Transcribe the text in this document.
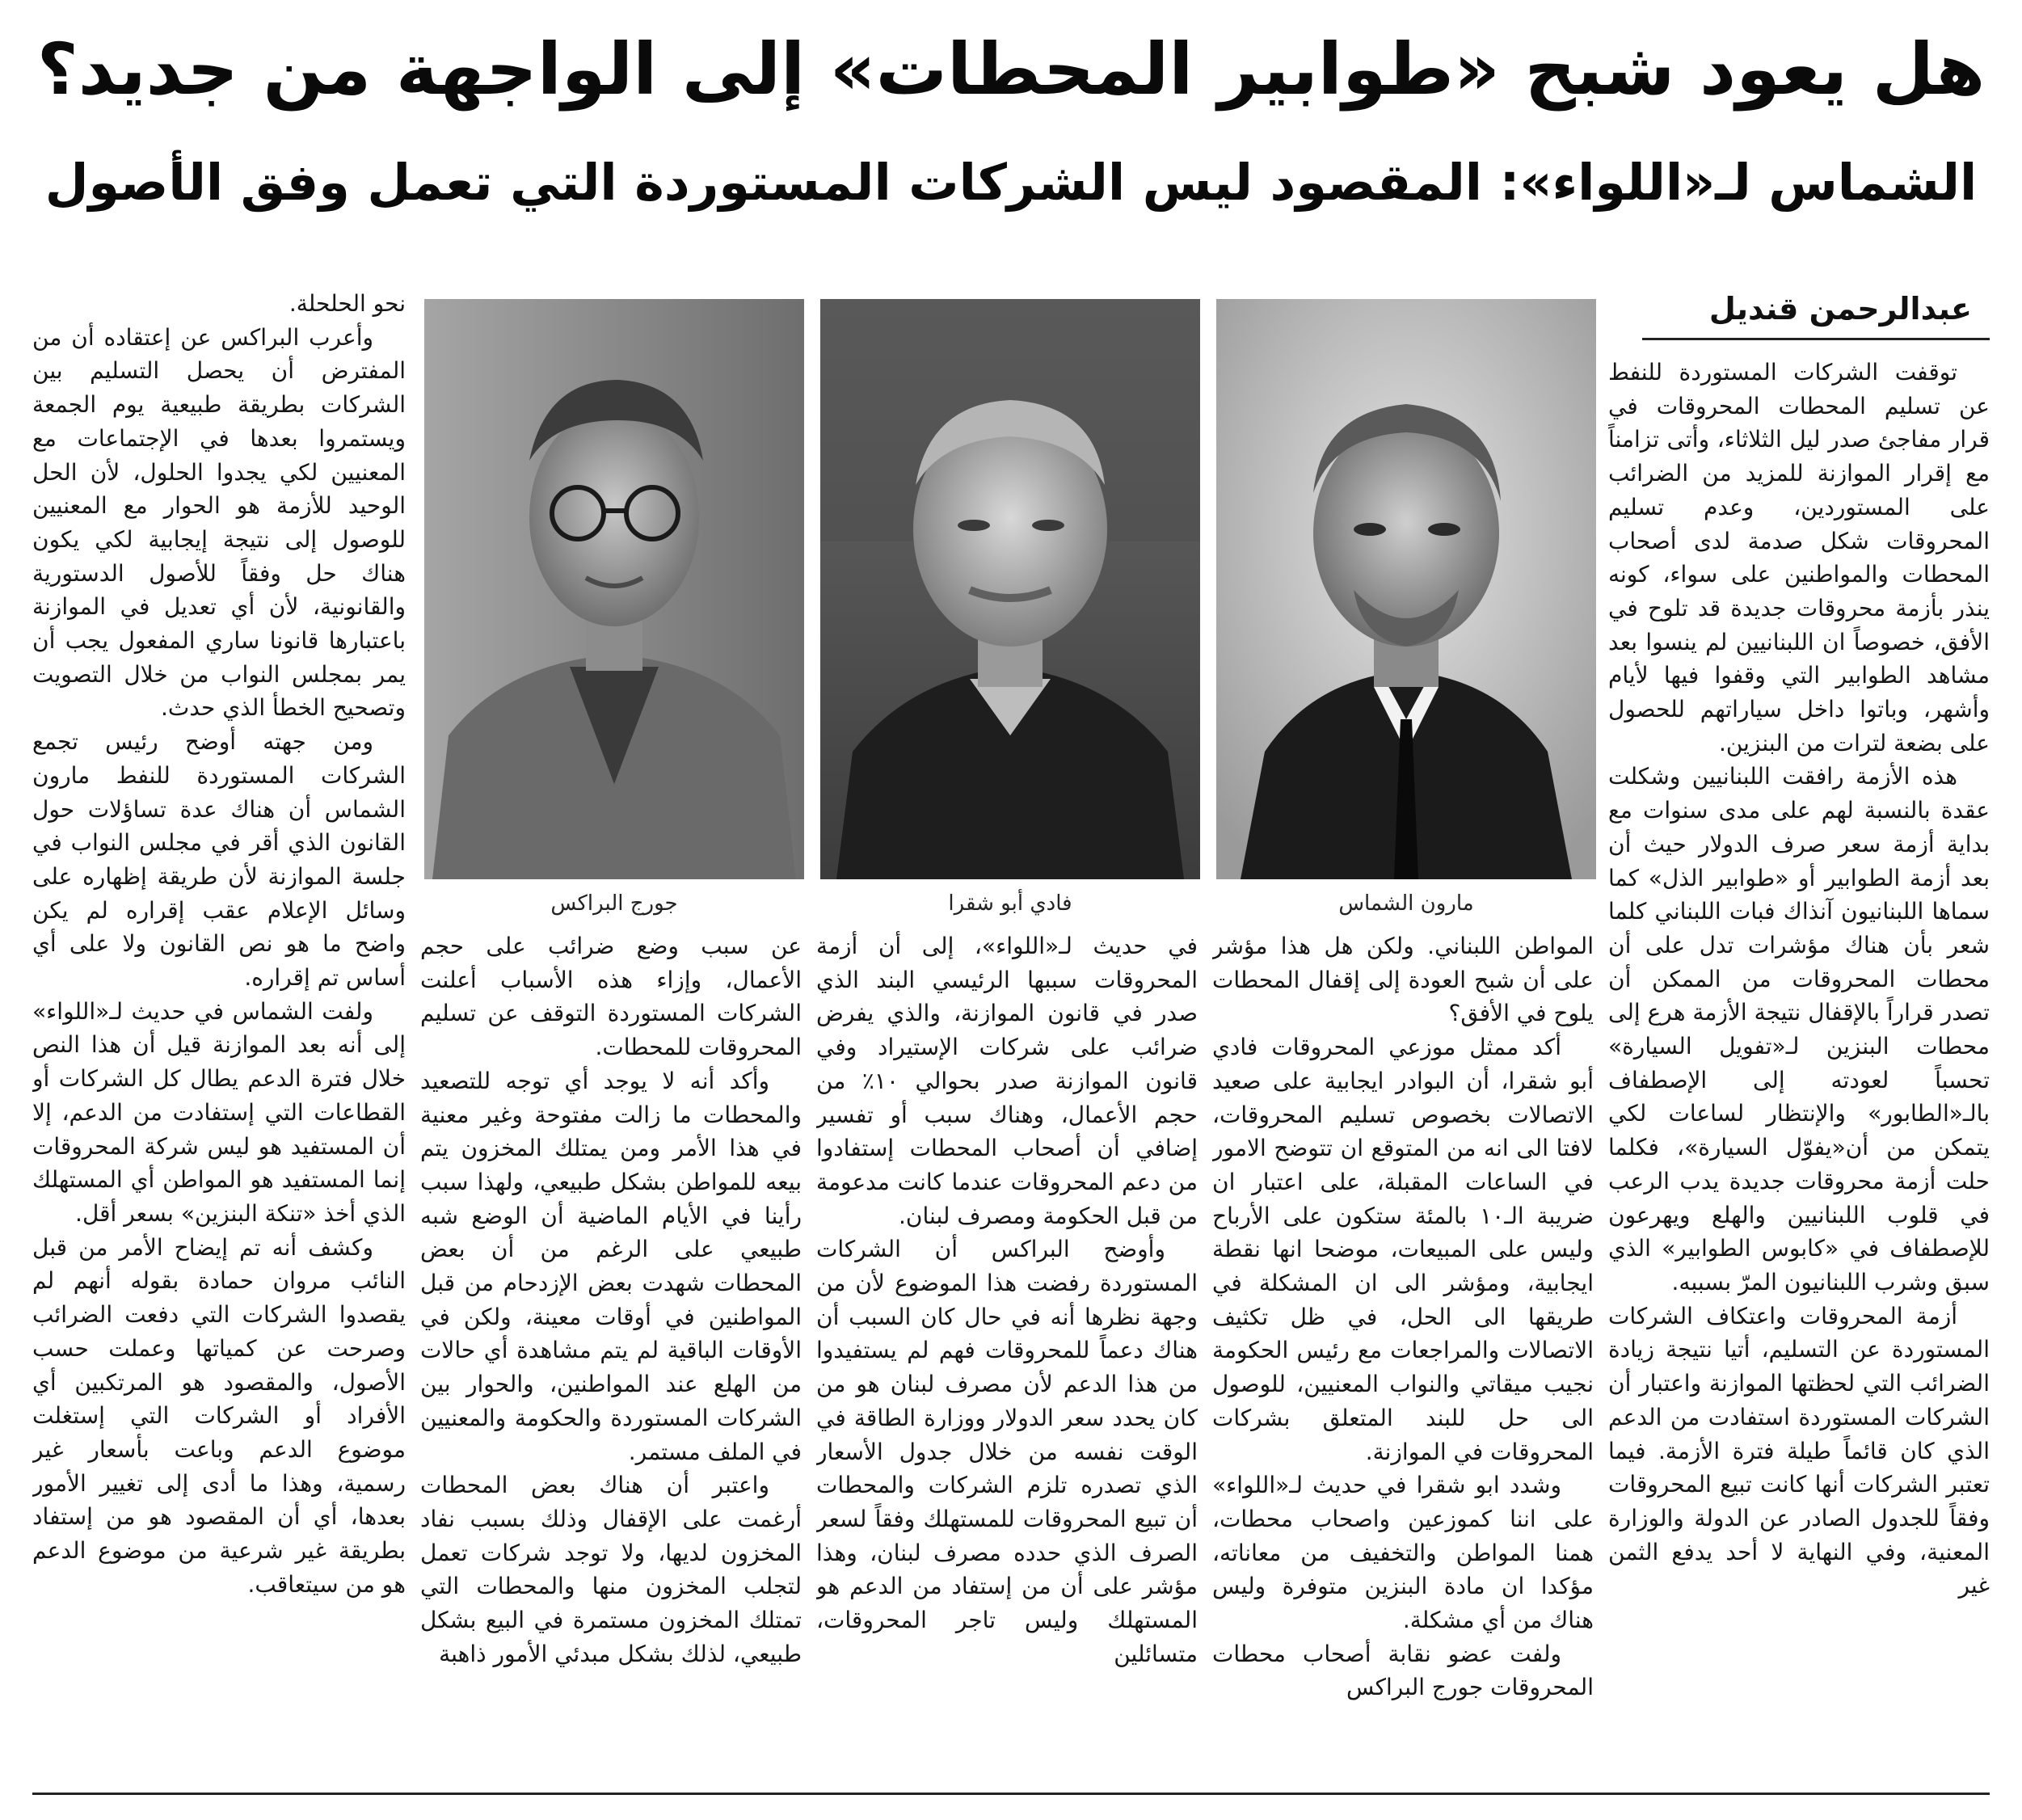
هل يعود شبح «طوابير المحطات» إلى الواجهة من جديد؟
الشماس لـ«اللواء»: المقصود ليس الشركات المستوردة التي تعمل وفق الأصول
عبدالرحمن قنديل
مارون الشماس
فادي أبو شقرا
جورج البراكس

توقفت الشركات المستوردة للنفط عن تسليم المحطات المحروقات في قرار مفاجئ صدر ليل الثلاثاء، وأتى تزامناً مع إقرار الموازنة للمزيد من الضرائب على المستوردين، وعدم تسليم المحروقات شكل صدمة لدى أصحاب المحطات والمواطنين على سواء، كونه ينذر بأزمة محروقات جديدة قد تلوح في الأفق، خصوصاً ان اللبنانيين لم ينسوا بعد مشاهد الطوابير التي وقفوا فيها لأيام وأشهر، وباتوا داخل سياراتهم للحصول على بضعة لترات من البنزين.

هذه الأزمة رافقت اللبنانيين وشكلت عقدة بالنسبة لهم على مدى سنوات مع بداية أزمة سعر صرف الدولار حيث أن بعد أزمة الطوابير أو «طوابير الذل» كما سماها اللبنانيون آنذاك فبات اللبناني كلما شعر بأن هناك مؤشرات تدل على أن محطات المحروقات من الممكن أن تصدر قراراً بالإقفال نتيجة الأزمة هرع إلى محطات البنزين لـ«تفويل السيارة» تحسباً لعودته إلى الإصطفاف بالـ«الطابور» والإنتظار لساعات لكي يتمكن من أن«يفوّل السيارة»، فكلما حلت أزمة محروقات جديدة يدب الرعب في قلوب اللبنانيين والهلع ويهرعون للإصطفاف في «كابوس الطوابير» الذي سبق وشرب اللبنانيون المرّ بسببه.

أزمة المحروقات واعتكاف الشركات المستوردة عن التسليم، أتيا نتيجة زيادة الضرائب التي لحظتها الموازنة واعتبار أن الشركات المستوردة استفادت من الدعم الذي كان قائماً طيلة فترة الأزمة. فيما تعتبر الشركات أنها كانت تبيع المحروقات وفقاً للجدول الصادر عن الدولة والوزارة المعنية، وفي النهاية لا أحد يدفع الثمن غير

المواطن اللبناني. ولكن هل هذا مؤشر على أن شبح العودة إلى إقفال المحطات يلوح في الأفق؟

أكد ممثل موزعي المحروقات فادي أبو شقرا، أن البوادر ايجابية على صعيد الاتصالات بخصوص تسليم المحروقات، لافتا الى انه من المتوقع ان تتوضح الامور في الساعات المقبلة، على اعتبار ان ضريبة الـ١٠ بالمئة ستكون على الأرباح وليس على المبيعات، موضحا انها نقطة ايجابية، ومؤشر الى ان المشكلة في طريقها الى الحل، في ظل تكثيف الاتصالات والمراجعات مع رئيس الحكومة نجيب ميقاتي والنواب المعنيين، للوصول الى حل للبند المتعلق بشركات المحروقات في الموازنة.

وشدد ابو شقرا في حديث لـ«اللواء» على اننا كموزعين واصحاب محطات، همنا المواطن والتخفيف من معاناته، مؤكدا ان مادة البنزين متوفرة وليس هناك من أي مشكلة.

ولفت عضو نقابة أصحاب محطات المحروقات جورج البراكس

في حديث لـ«اللواء»، إلى أن أزمة المحروقات سببها الرئيسي البند الذي صدر في قانون الموازنة، والذي يفرض ضرائب على شركات الإستيراد وفي قانون الموازنة صدر بحوالي ١٠٪ من حجم الأعمال، وهناك سبب أو تفسير إضافي أن أصحاب المحطات إستفادوا من دعم المحروقات عندما كانت مدعومة من قبل الحكومة ومصرف لبنان.

وأوضح البراكس أن الشركات المستوردة رفضت هذا الموضوع لأن من وجهة نظرها أنه في حال كان السبب أن هناك دعماً للمحروقات فهم لم يستفيدوا من هذا الدعم لأن مصرف لبنان هو من كان يحدد سعر الدولار ووزارة الطاقة في الوقت نفسه من خلال جدول الأسعار الذي تصدره تلزم الشركات والمحطات أن تبيع المحروقات للمستهلك وفقاً لسعر الصرف الذي حدده مصرف لبنان، وهذا مؤشر على أن من إستفاد من الدعم هو المستهلك وليس تاجر المحروقات، متسائلين

عن سبب وضع ضرائب على حجم الأعمال، وإزاء هذه الأسباب أعلنت الشركات المستوردة التوقف عن تسليم المحروقات للمحطات.

وأكد أنه لا يوجد أي توجه للتصعيد والمحطات ما زالت مفتوحة وغير معنية في هذا الأمر ومن يمتلك المخزون يتم بيعه للمواطن بشكل طبيعي، ولهذا سبب رأينا في الأيام الماضية أن الوضع شبه طبيعي على الرغم من أن بعض المحطات شهدت بعض الإزدحام من قبل المواطنين في أوقات معينة، ولكن في الأوقات الباقية لم يتم مشاهدة أي حالات من الهلع عند المواطنين، والحوار بين الشركات المستوردة والحكومة والمعنيين في الملف مستمر.

واعتبر أن هناك بعض المحطات أرغمت على الإقفال وذلك بسبب نفاد المخزون لديها، ولا توجد شركات تعمل لتجلب المخزون منها والمحطات التي تمتلك المخزون مستمرة في البيع بشكل طبيعي، لذلك بشكل مبدئي الأمور ذاهبة

نحو الحلحلة.

وأعرب البراكس عن إعتقاده أن من المفترض أن يحصل التسليم بين الشركات بطريقة طبيعية يوم الجمعة ويستمروا بعدها في الإجتماعات مع المعنيين لكي يجدوا الحلول، لأن الحل الوحيد للأزمة هو الحوار مع المعنيين للوصول إلى نتيجة إيجابية لكي يكون هناك حل وفقاً للأصول الدستورية والقانونية، لأن أي تعديل في الموازنة باعتبارها قانونا ساري المفعول يجب أن يمر بمجلس النواب من خلال التصويت وتصحيح الخطأ الذي حدث.

ومن جهته أوضح رئيس تجمع الشركات المستوردة للنفط مارون الشماس أن هناك عدة تساؤلات حول القانون الذي أقر في مجلس النواب في جلسة الموازنة لأن طريقة إظهاره على وسائل الإعلام عقب إقراره لم يكن واضح ما هو نص القانون ولا على أي أساس تم إقراره.

ولفت الشماس في حديث لـ«اللواء» إلى أنه بعد الموازنة قيل أن هذا النص خلال فترة الدعم يطال كل الشركات أو القطاعات التي إستفادت من الدعم، إلا أن المستفيد هو ليس شركة المحروقات إنما المستفيد هو المواطن أي المستهلك الذي أخذ «تنكة البنزين» بسعر أقل.

وكشف أنه تم إيضاح الأمر من قبل النائب مروان حمادة بقوله أنهم لم يقصدوا الشركات التي دفعت الضرائب وصرحت عن كمياتها وعملت حسب الأصول، والمقصود هو المرتكبين أي الأفراد أو الشركات التي إستغلت موضوع الدعم وباعت بأسعار غير رسمية، وهذا ما أدى إلى تغيير الأمور بعدها، أي أن المقصود هو من إستفاد بطريقة غير شرعية من موضوع الدعم هو من سيتعاقب.
